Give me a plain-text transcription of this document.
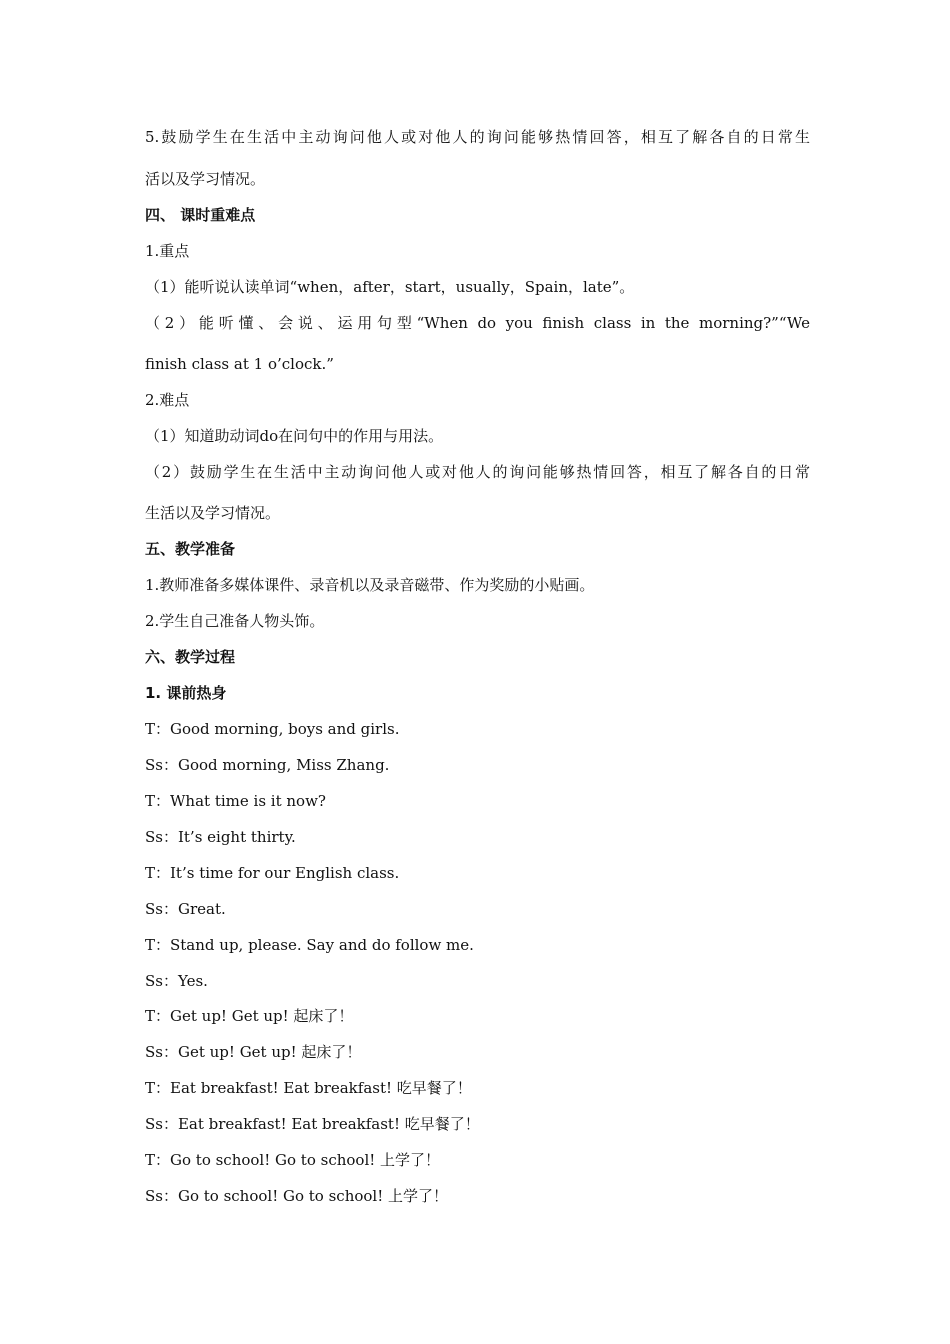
5.鼓励学生在生活中主动询问他人或对他人的询问能够热情回答，相互了解各自的日常生
活以及学习情况。
四、 课时重难点
1.重点
（1）能听说认读单词“when，after，start，usually，Spain，late”。
（2）能听懂、会说、运用句型“When do you finish class in the morning?”“We
finish class at 1 o’clock.”
2.难点
（1）知道助动词do在问句中的作用与用法。
（2）鼓励学生在生活中主动询问他人或对他人的询问能够热情回答，相互了解各自的日常
生活以及学习情况。
五、教学准备
1.教师准备多媒体课件、录音机以及录音磁带、作为奖励的小贴画。
2.学生自己准备人物头饰。
六、教学过程
1. 课前热身
T：Good morning, boys and girls.
Ss：Good morning, Miss Zhang.
T：What time is it now?
Ss：It’s eight thirty.
T：It’s time for our English class.
Ss：Great.
T：Stand up, please. Say and do follow me.
Ss：Yes.
T：Get up! Get up! 起床了！
Ss：Get up! Get up! 起床了！
T：Eat breakfast! Eat breakfast! 吃早餐了！
Ss：Eat breakfast! Eat breakfast! 吃早餐了！
T：Go to school! Go to school! 上学了！
Ss：Go to school! Go to school! 上学了！
